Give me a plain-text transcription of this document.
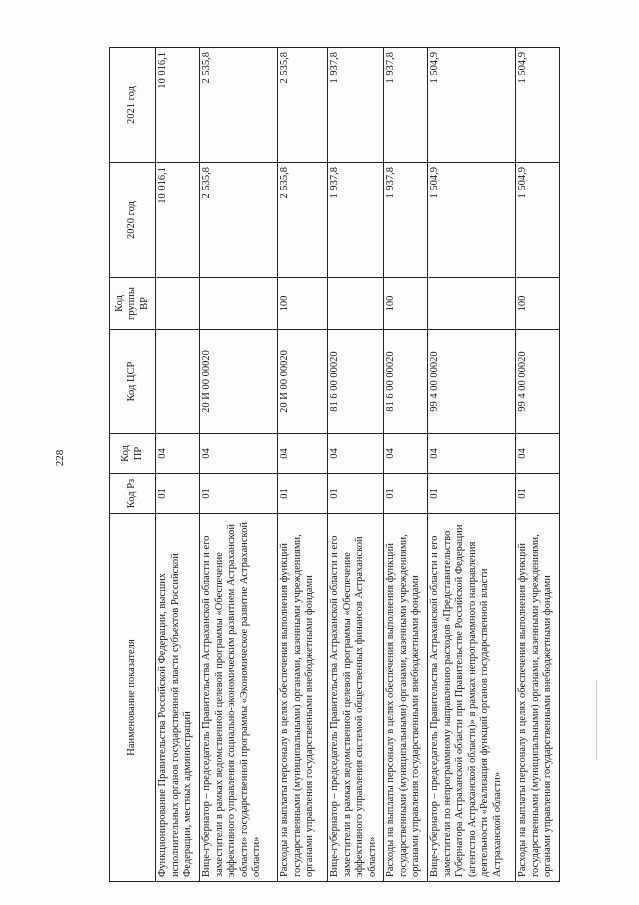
228
Наименование показателя	Код Рз	Код ПР	Код ЦСР	Код группы ВР	2020 год	2021 год
Функционирование Правительства Российской Федерации, высших исполнительных органов государственной власти субъектов Российской Федерации, местных администраций	01	04			10 016,1	10 016,1
Вице-губернатор – председатель Правительства Астраханской области и его заместители в рамках ведомственной целевой программы «Обеспечение эффективного управления социально-экономическим развитием Астраханской области» государственной программы «Экономическое развитие Астраханской области»	01	04	20 И 00 00020		2 535,8	2 535,8
Расходы на выплаты персоналу в целях обеспечения выполнения функций государственными (муниципальными) органами, казенными учреждениями, органами управления государственными внебюджетными фондами	01	04	20 И 00 00020	100	2 535,8	2 535,8
Вице-губернатор – председатель Правительства Астраханской области и его заместители в рамках ведомственной целевой программы «Обеспечение эффективного управления системой общественных финансов Астраханской области»	01	04	81 6 00 00020		1 937,8	1 937,8
Расходы на выплаты персоналу в целях обеспечения выполнения функций государственными (муниципальными) органами, казенными учреждениями, органами управления государственными внебюджетными фондами	01	04	81 6 00 00020	100	1 937,8	1 937,8
Вице-губернатор – председатель Правительства Астраханской области и его заместители по непрограммному направлению расходов «Представительство Губернатора Астраханской области при Правительстве Российской Федерации (агентство Астраханской области)» в рамках непрограммного направления деятельности «Реализация функций органов государственной власти Астраханской области»	01	04	99 4 00 00020		1 504,9	1 504,9
Расходы на выплаты персоналу в целях обеспечения выполнения функций государственными (муниципальными) органами, казенными учреждениями, органами управления государственными внебюджетными фондами	01	04	99 4 00 00020	100	1 504,9	1 504,9
